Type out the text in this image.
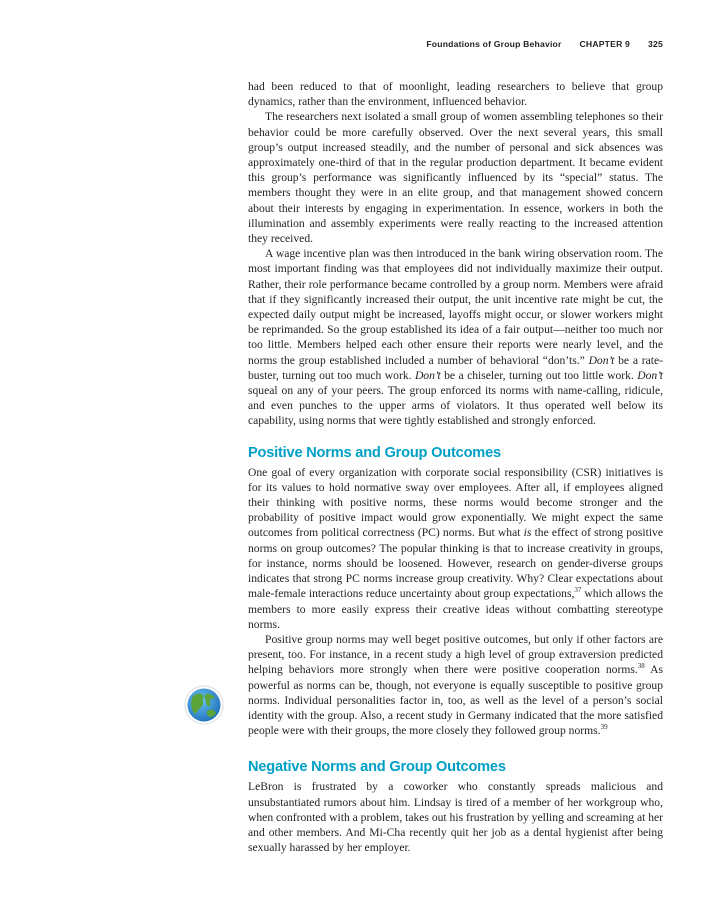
Foundations of Group Behavior CHAPTER 9 325

had been reduced to that of moonlight, leading researchers to believe that group dynamics, rather than the environment, influenced behavior.

The researchers next isolated a small group of women assembling telephones so their behavior could be more carefully observed. Over the next several years, this small group’s output increased steadily, and the number of personal and sick absences was approximately one-third of that in the regular production department. It became evident this group’s performance was significantly influenced by its “special” status. The members thought they were in an elite group, and that management showed concern about their interests by engaging in experimentation. In essence, workers in both the illumination and assembly experiments were really reacting to the increased attention they received.

A wage incentive plan was then introduced in the bank wiring observation room. The most important finding was that employees did not individually maximize their output. Rather, their role performance became controlled by a group norm. Members were afraid that if they significantly increased their output, the unit incentive rate might be cut, the expected daily output might be increased, layoffs might occur, or slower workers might be reprimanded. So the group established its idea of a fair output—neither too much nor too little. Members helped each other ensure their reports were nearly level, and the norms the group established included a number of behavioral “don’ts.” Don’t be a rate-buster, turning out too much work. Don’t be a chiseler, turning out too little work. Don’t squeal on any of your peers. The group enforced its norms with name-calling, ridicule, and even punches to the upper arms of violators. It thus operated well below its capability, using norms that were tightly established and strongly enforced.

Positive Norms and Group Outcomes

One goal of every organization with corporate social responsibility (CSR) initiatives is for its values to hold normative sway over employees. After all, if employees aligned their thinking with positive norms, these norms would become stronger and the probability of positive impact would grow exponentially. We might expect the same outcomes from political correctness (PC) norms. But what is the effect of strong positive norms on group outcomes? The popular thinking is that to increase creativity in groups, for instance, norms should be loosened. However, research on gender-diverse groups indicates that strong PC norms increase group creativity. Why? Clear expectations about male-female interactions reduce uncertainty about group expectations,$^{37}$ which allows the members to more easily express their creative ideas without combatting stereotype norms.

Positive group norms may well beget positive outcomes, but only if other factors are present, too. For instance, in a recent study a high level of group extraversion predicted helping behaviors more strongly when there were positive cooperation norms.$^{38}$ As powerful as norms can be, though, not everyone is equally susceptible to positive group norms. Individual personalities factor in, too, as well as the level of a person’s social identity with the group. Also, a recent study in Germany indicated that the more satisfied people were with their groups, the more closely they followed group norms.$^{39}$

Negative Norms and Group Outcomes

LeBron is frustrated by a coworker who constantly spreads malicious and unsubstantiated rumors about him. Lindsay is tired of a member of her workgroup who, when confronted with a problem, takes out his frustration by yelling and screaming at her and other members. And Mi-Cha recently quit her job as a dental hygienist after being sexually harassed by her employer.
